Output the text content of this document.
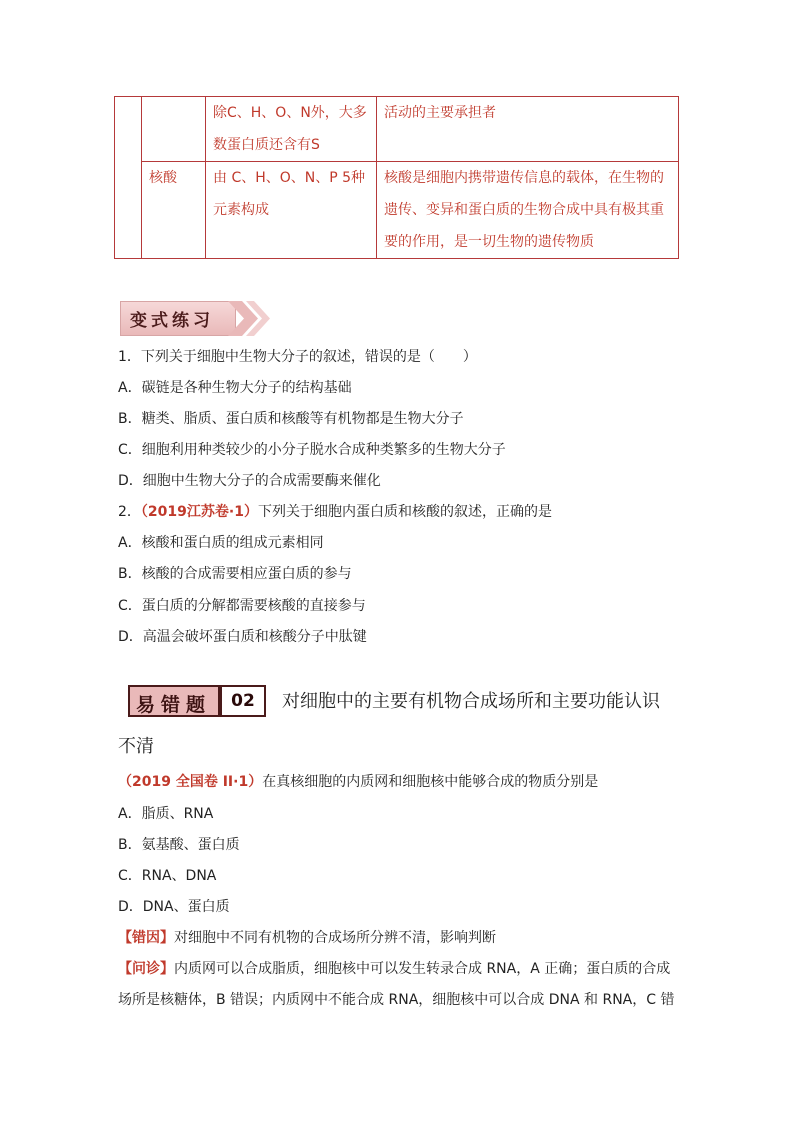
		除C、H、O、N外，大多数蛋白质还含有S	活动的主要承担者

	核酸	由 C、H、O、N、P 5种元素构成	核酸是细胞内携带遗传信息的载体，在生物的遗传、变异和蛋白质的生物合成中具有极其重要的作用，是一切生物的遗传物质
变式练习
1．下列关于细胞中生物大分子的叙述，错误的是（　　）
A．碳链是各种生物大分子的结构基础
B．糖类、脂质、蛋白质和核酸等有机物都是生物大分子
C．细胞利用种类较少的小分子脱水合成种类繁多的生物大分子
D．细胞中生物大分子的合成需要酶来催化
2．（2019江苏卷·1）下列关于细胞内蛋白质和核酸的叙述，正确的是
A．核酸和蛋白质的组成元素相同
B．核酸的合成需要相应蛋白质的参与
C．蛋白质的分解都需要核酸的直接参与
D．高温会破坏蛋白质和核酸分子中肽键
易错题	02	对细胞中的主要有机物合成场所和主要功能认识
不清
（2019 全国卷 II·1）在真核细胞的内质网和细胞核中能够合成的物质分别是
A．脂质、RNA
B．氨基酸、蛋白质
C．RNA、DNA
D．DNA、蛋白质
【错因】对细胞中不同有机物的合成场所分辨不清，影响判断
【问诊】内质网可以合成脂质，细胞核中可以发生转录合成 RNA，A 正确；蛋白质的合成
场所是核糖体，B 错误；内质网中不能合成 RNA，细胞核中可以合成 DNA 和 RNA，C 错
